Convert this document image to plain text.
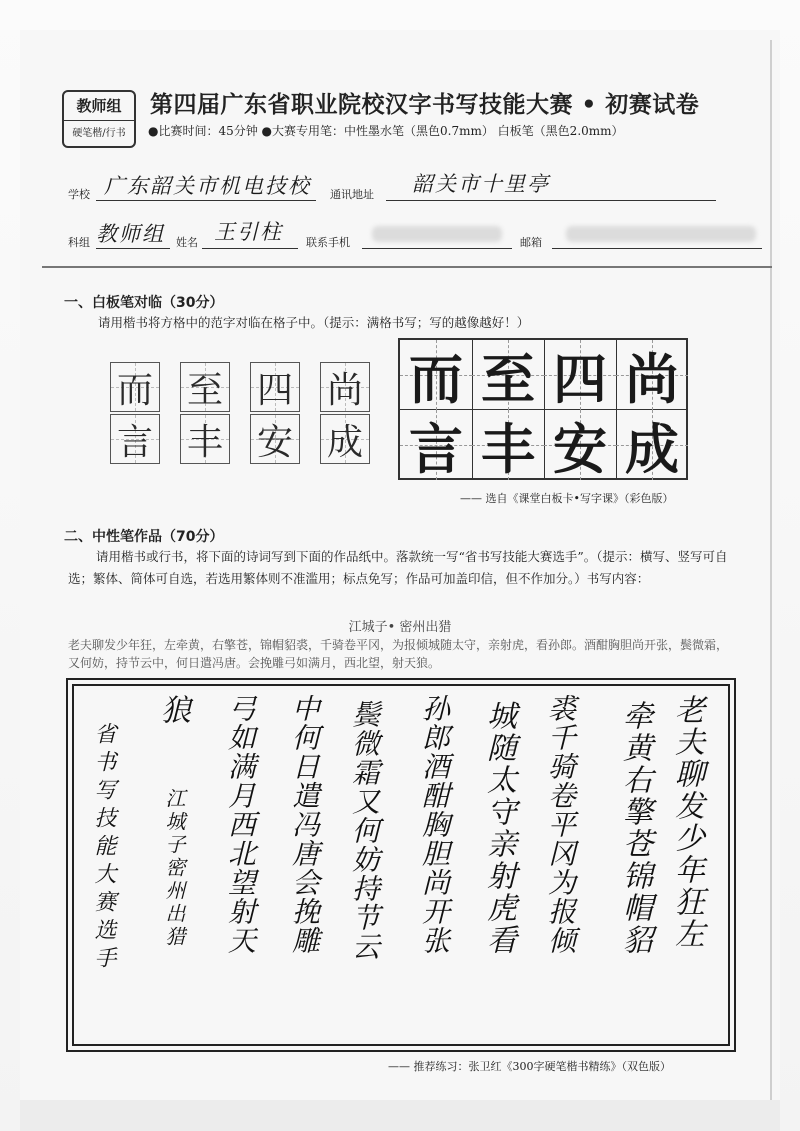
教师组
硬笔楷/行书
第四届广东省职业院校汉字书写技能大赛 • 初赛试卷
●比赛时间：45分钟 ●大赛专用笔：中性墨水笔（黑色0.7mm） 白板笔（黑色2.0mm）
学校 广东韶关市机电技校 通讯地址 韶关市十里亭
科组 教师组 姓名 王引柱 联系手机	邮箱
一、白板笔对临（30分）
请用楷书将方格中的范字对临在格子中。（提示：满格书写；写的越像越好！）
而
言
至
丰
四
安
尚
成
而 至 四 尚
言 丰 安 成
—— 选自《课堂白板卡•写字课》（彩色版）
二、中性笔作品（70分）
请用楷书或行书，将下面的诗词写到下面的作品纸中。落款统一写“省书写技能大赛选手”。（提示：横写、竖写可自选；繁体、简体可自选，若选用繁体则不准滥用；标点免写；作品可加盖印信，但不作加分。）书写内容：
江城子• 密州出猎
老夫聊发少年狂，左牵黄，右擎苍，锦帽貂裘，千骑卷平冈，为报倾城随太守，亲射虎，看孙郎。酒酣胸胆尚开张，鬓微霜，又何妨，持节云中，何日遣冯唐。会挽雕弓如满月，西北望，射天狼。
老夫聊发少年狂左
牵黄右擎苍锦帽貂
裘千骑卷平冈为报倾
城随太守亲射虎看
孙郎酒酣胸胆尚开张
鬓微霜又何妨持节云
中何日遣冯唐会挽雕
弓如满月西北望射天
狼
江城子密州出猎
省书写技能大赛选手
—— 推荐练习：张卫红《300字硬笔楷书精练》（双色版）
